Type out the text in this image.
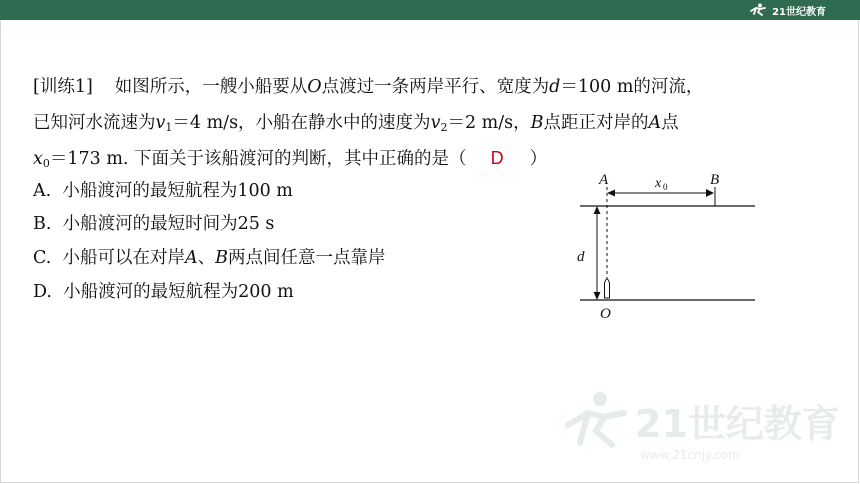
21世纪教育
[训练1] 如图所示，一艘小船要从O点渡过一条两岸平行、宽度为d＝100 m的河流，
已知河水流速为$v_1=4$ m/s，小船在静水中的速度为$v_2=2$ m/s，B点距正对岸的A点
$x_0=173$ m. 下面关于该船渡河的判断，其中正确的是（ D ）
A. 小船渡河的最短航程为100 m
B. 小船渡河的最短时间为25 s
C. 小船可以在对岸A、B两点间任意一点靠岸
D. 小船渡河的最短航程为200 m
A	x 0	B
d
O
21世纪教育
www.21cnjy.com
